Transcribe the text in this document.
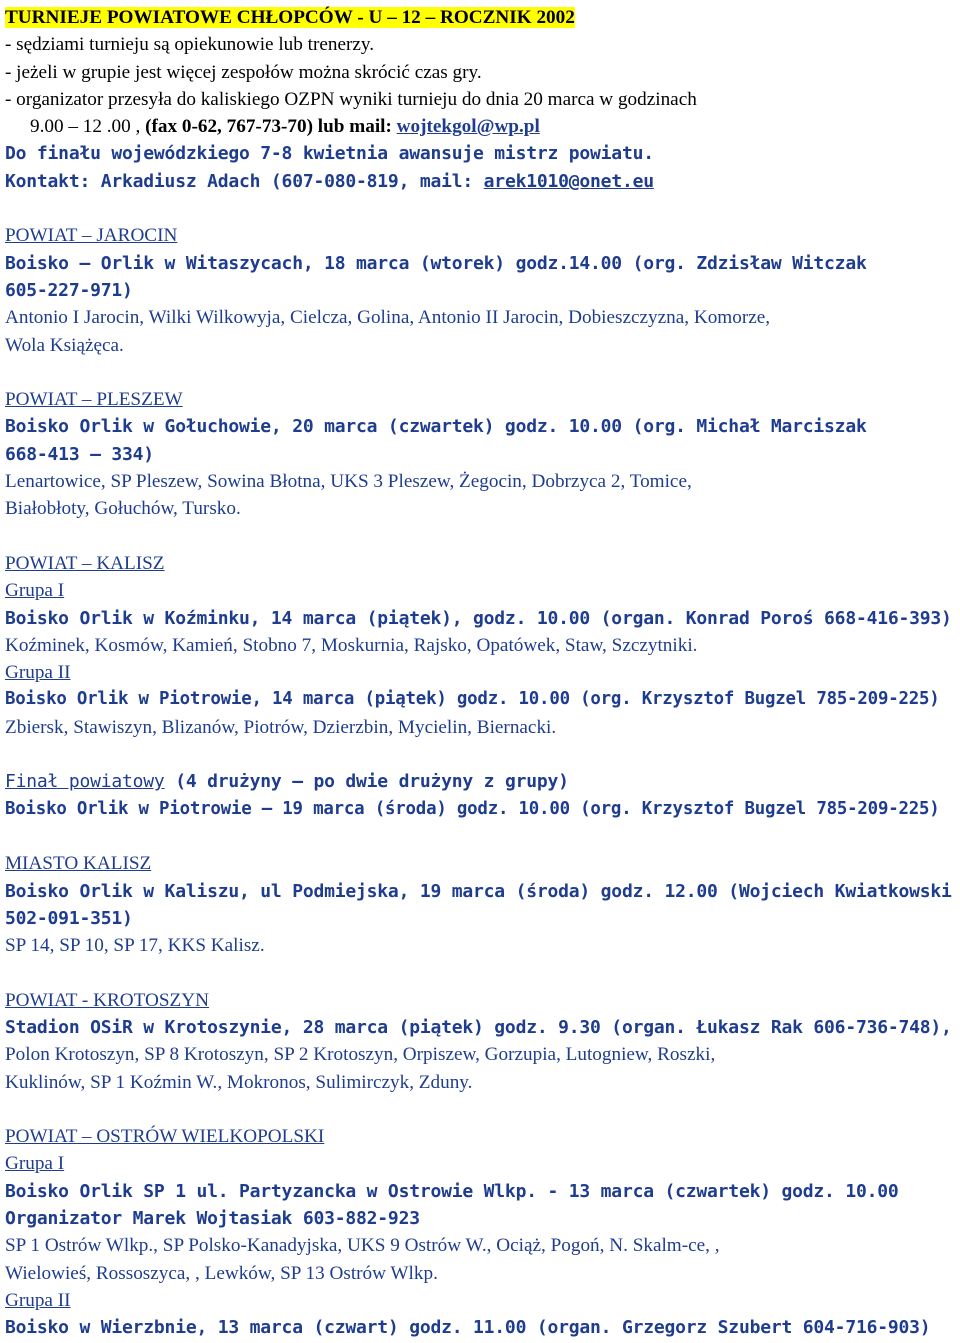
TURNIEJE POWIATOWE CHŁOPCÓW - U – 12 – ROCZNIK 2002

- sędziami turnieju są opiekunowie lub trenerzy.

- jeżeli w grupie jest więcej zespołów można skrócić czas gry.

- organizator przesyła do kaliskiego OZPN wyniki turnieju do dnia 20 marca w godzinach

9.00 – 12 .00 , (fax 0-62, 767-73-70) lub mail: wojtekgol@wp.pl

Do finału wojewódzkiego 7-8 kwietnia awansuje mistrz powiatu.

Kontakt: Arkadiusz Adach (607-080-819, mail: arek1010@onet.eu

POWIAT – JAROCIN

Boisko – Orlik w Witaszycach, 18 marca (wtorek) godz.14.00 (org. Zdzisław Witczak

605-227-971)

Antonio I Jarocin, Wilki Wilkowyja, Cielcza, Golina, Antonio II Jarocin, Dobieszczyzna, Komorze,

Wola Książęca.

POWIAT – PLESZEW

Boisko Orlik w Gołuchowie, 20 marca (czwartek) godz. 10.00 (org. Michał Marciszak

668-413 — 334)

Lenartowice, SP Pleszew, Sowina Błotna, UKS 3 Pleszew, Żegocin, Dobrzyca 2, Tomice,

Białobłoty, Gołuchów, Tursko.

POWIAT – KALISZ

Grupa I

Boisko Orlik w Koźminku, 14 marca (piątek), godz. 10.00 (organ. Konrad Poroś 668-416-393)

Koźminek, Kosmów, Kamień, Stobno 7, Moskurnia, Rajsko, Opatówek, Staw, Szczytniki.

Grupa II

Boisko Orlik w Piotrowie, 14 marca (piątek) godz. 10.00 (org. Krzysztof Bugzel 785-209-225)

Zbiersk, Stawiszyn, Blizanów, Piotrów, Dzierzbin, Mycielin, Biernacki.

Finał powiatowy (4 drużyny – po dwie drużyny z grupy)

Boisko Orlik w Piotrowie – 19 marca (środa) godz. 10.00 (org. Krzysztof Bugzel 785-209-225)

MIASTO KALISZ

Boisko Orlik w Kaliszu, ul Podmiejska, 19 marca (środa) godz. 12.00 (Wojciech Kwiatkowski

502-091-351)

SP 14, SP 10, SP 17, KKS Kalisz.

POWIAT - KROTOSZYN

Stadion OSiR w Krotoszynie, 28 marca (piątek) godz. 9.30 (organ. Łukasz Rak 606-736-748),

Polon Krotoszyn, SP 8 Krotoszyn, SP 2 Krotoszyn, Orpiszew, Gorzupia, Lutogniew, Roszki,

Kuklinów, SP 1 Koźmin W., Mokronos, Sulimirczyk, Zduny.

POWIAT – OSTRÓW WIELKOPOLSKI

Grupa I

Boisko Orlik SP 1 ul. Partyzancka w Ostrowie Wlkp. - 13 marca (czwartek) godz. 10.00

Organizator Marek Wojtasiak 603-882-923

SP 1 Ostrów Wlkp., SP Polsko-Kanadyjska, UKS 9 Ostrów W., Ociąż, Pogoń, N. Skalm-ce, ,

Wielowieś, Rossoszyca, , Lewków, SP 13 Ostrów Wlkp.

Grupa II

Boisko w Wierzbnie, 13 marca (czwart) godz. 11.00 (organ. Grzegorz Szubert 604-716-903)
